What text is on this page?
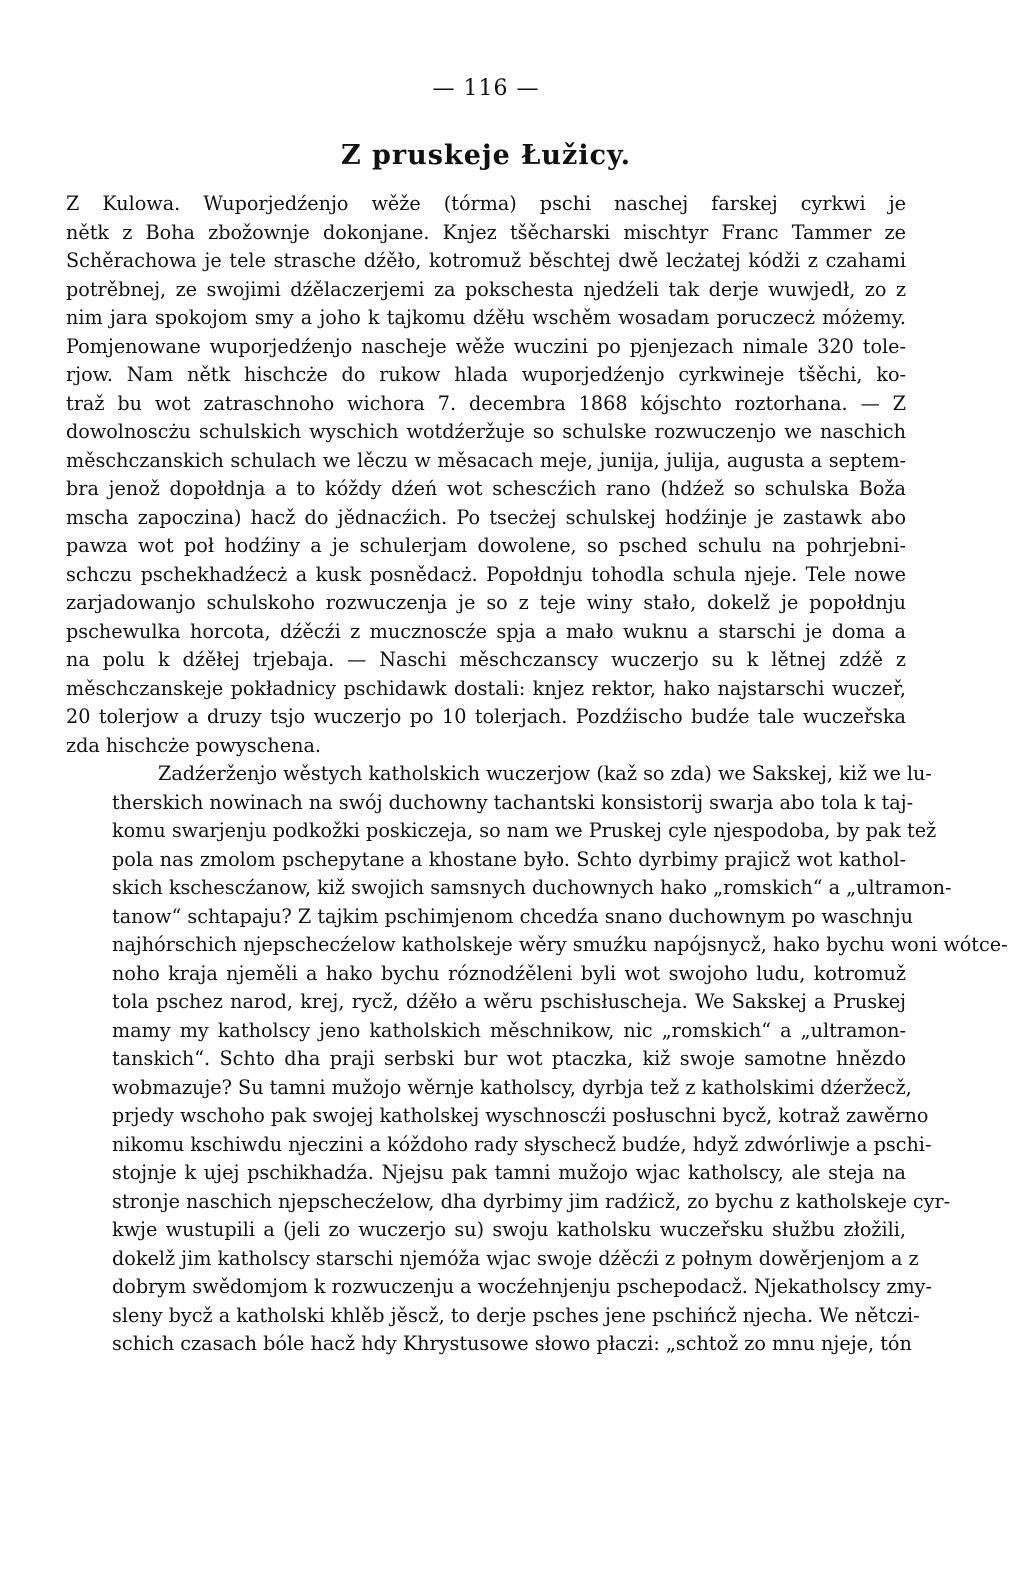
— 116 —
Z pruskeje Łužicy.

Z Kulowa. Wuporjedźenjo wěže (tórma) pschi naschej farskej cyrkwi je
nětk z Boha zbožownje dokonjane. Knjez tšěcharski mischtyr Franc Tammer ze
Schěrachowa je tele strasche dźěło, kotromuž běschtej dwě lecżatej kódži z czahami
potrěbnej, ze swojimi dźělaczerjemi za pokschesta njedźeli tak derje wuwjedł, zo z
nim jara spokojom smy a joho k tajkomu dźěłu wschěm wosadam poruczecż móżemy.
Pomjenowane wuporjedźenjo nascheje wěže wuczini po pjenjezach nimale 320 tole-
rjow. Nam nětk hischcże do rukow hlada wuporjedźenjo cyrkwineje tšěchi, ko-
traž bu wot zatraschnoho wichora 7. decembra 1868 kójschto roztorhana. — Z
dowolnoscżu schulskich wyschich wotdźeržuje so schulske rozwuczenjo we naschich
měschczanskich schulach we lěczu w měsacach meje, junija, julija, augusta a septem-
bra jenož dopołdnja a to kóždy dźeń wot schescźich rano (hdźež so schulska Boža
mscha zapoczina) hacž do jědnacźich. Po tsecżej schulskej hodźinje je zastawk abo
pawza wot poł hodźiny a je schulerjam dowolene, so psched schulu na pohrjebni-
schczu pschekhadźecż a kusk posnědacż. Popołdnju tohodla schula njeje. Tele nowe
zarjadowanjo schulskoho rozwuczenja je so z teje winy stało, dokelž je popołdnju
pschewulka horcota, dźěcźi z mucznoscźe spja a mało wuknu a starschi je doma a
na polu k dźěłej trjebaja. — Naschi měschczanscy wuczerjo su k lětnej zdźě z
měschczanskeje pokładnicy pschidawk dostali: knjez rektor, hako najstarschi wuczeř,
20 tolerjow a druzy tsjo wuczerjo po 10 tolerjach. Pozdźischo budźe tale wuczeřska
zda hischcże powyschena.

Zadźerženjo wěstych katholskich wuczerjow (kaž so zda) we Sakskej, kiž we lu-
therskich nowinach na swój duchowny tachantski konsistorij swarja abo tola k taj-
komu swarjenju podkožki poskiczeja, so nam we Pruskej cyle njespodoba, by pak tež
pola nas zmolom pschepytane a khostane było. Schto dyrbimy prajicž wot kathol-
skich kschescźanow, kiž swojich samsnych duchownych hako „romskich“ a „ultramon-
tanow“ schtapaju? Z tajkim pschimjenom chcedźa snano duchownym po waschnju
najhórschich njepschecźelow katholskeje wěry smuźku napójsnycž, hako bychu woni wótce-
noho kraja njeměli a hako bychu róznodźěleni byli wot swojoho ludu, kotromuž
tola pschez narod, krej, rycž, dźěło a wěru pschisłuscheja. We Sakskej a Pruskej
mamy my katholscy jeno katholskich měschnikow, nic „romskich“ a „ultramon-
tanskich“. Schto dha praji serbski bur wot ptaczka, kiž swoje samotne hnězdo
wobmazuje? Su tamni mužojo wěrnje katholscy, dyrbja tež z katholskimi dźeržecž,
prjedy wschoho pak swojej katholskej wyschnoscźi posłuschni bycž, kotraž zawěrno
nikomu kschiwdu njeczini a kóždoho rady słyschecž budźe, hdyž zdwórliwje a pschi-
stojnje k ujej pschikhadźa. Njejsu pak tamni mužojo wjac katholscy, ale steja na
stronje naschich njepschecźelow, dha dyrbimy jim radźicž, zo bychu z katholskeje cyr-
kwje wustupili a (jeli zo wuczerjo su) swoju katholsku wuczeřsku słužbu złožili,
dokelž jim katholscy starschi njemóža wjac swoje dźěcźi z połnym dowěrjenjom a z
dobrym swědomjom k rozwuczenju a wocźehnjenju pschepodacž. Njekatholscy zmy-
sleny bycž a katholski khlěb jěscž, to derje psches jene pschińcž njecha. We nětczi-
schich czasach bóle hacž hdy Khrystusowe słowo płaczi: „schtož zo mnu njeje, tón
